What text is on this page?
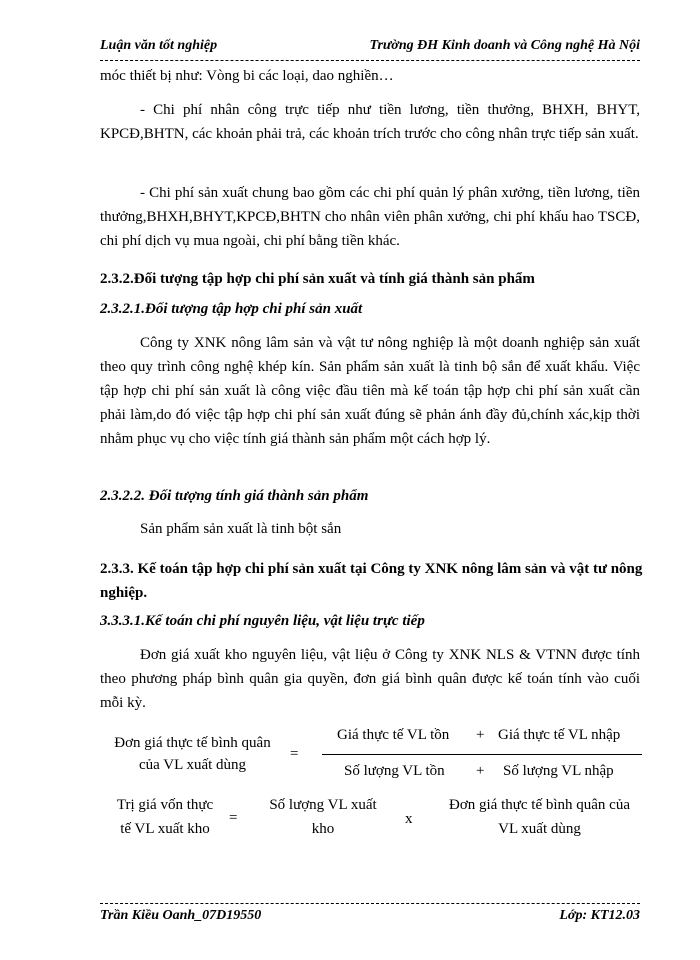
Luận văn tốt nghiệp	Trường ĐH Kinh doanh và Công nghệ Hà Nội

móc thiết bị như: Vòng bi các loại, dao nghiền…

- Chi phí nhân công trực tiếp như tiền lương, tiền thưởng, BHXH, BHYT, KPCĐ,BHTN, các khoản phải trả, các khoản trích trước cho công nhân trực tiếp sản xuất.

- Chi phí sản xuất chung bao gồm các chi phí quản lý phân xưởng, tiền lương, tiền thưởng,BHXH,BHYT,KPCĐ,BHTN cho nhân viên phân xưởng, chi phí khấu hao TSCĐ, chi phí dịch vụ mua ngoài, chi phí bằng tiền khác.

2.3.2.Đối tượng tập hợp chi phí sản xuất và tính giá thành sản phẩm
2.3.2.1.Đối tượng tập hợp chi phí sản xuất

Công ty XNK nông lâm sản và vật tư nông nghiệp là một doanh nghiệp sản xuất theo quy trình công nghệ khép kín. Sản phẩm sản xuất là tinh bộ sắn để xuất khẩu. Việc tập hợp chi phí sản xuất là công việc đầu tiên mà kế toán tập hợp chi phí sản xuất cần phải làm,do đó việc tập hợp chi phí sản xuất đúng sẽ phản ánh đầy đủ,chính xác,kịp thời nhằm phục vụ cho việc tính giá thành sản phẩm một cách hợp lý.

2.3.2.2. Đối tượng tính giá thành sản phẩm

Sản phẩm sản xuất là tinh bột sắn

2.3.3. Kế toán tập hợp chi phí sản xuất tại Công ty XNK nông lâm sản và vật tư nông nghiệp.
3.3.3.1.Kế toán chi phí nguyên liệu, vật liệu trực tiếp

Đơn giá xuất kho nguyên liệu, vật liệu ở Công ty XNK NLS & VTNN được tính theo phương pháp bình quân gia quyền, đơn giá bình quân được kế toán tính vào cuối mỗi kỳ.

Đơn giá thực tế bình quân
của VL xuất dùng
=
Giá thực tế VL tồn + Giá thực tế VL nhập
Số lượng VL tồn + Số lượng VL nhập
Trị giá vốn thực
tế VL xuất kho
=
Số lượng VL xuất
kho
x
Đơn giá thực tế bình quân của
VL xuất dùng
Trần Kiều Oanh_07D19550	Lớp: KT12.03
